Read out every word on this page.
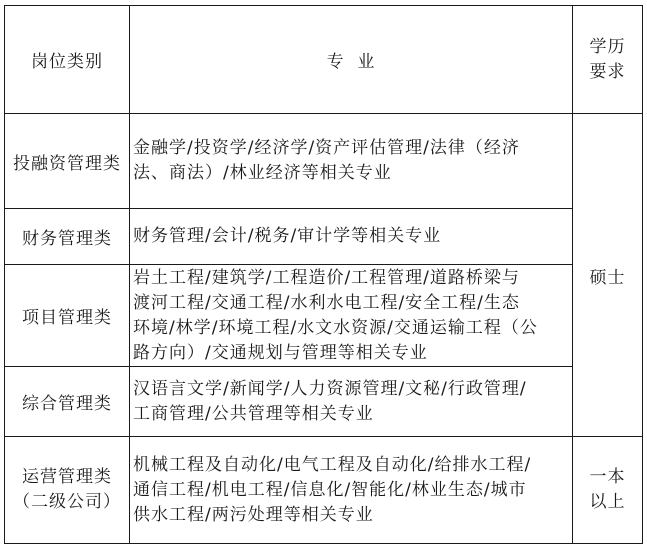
岗位类别	专  业
学历
要求
投融资管理类
金融学/投资学/经济学/资产评估管理/法律（经济
法、商法）/林业经济等相关专业
财务管理类 财务管理/会计/税务/审计学等相关专业
项目管理类
岩土工程/建筑学/工程造价/工程管理/道路桥梁与
渡河工程/交通工程/水利水电工程/安全工程/生态
环境/林学/环境工程/水文水资源/交通运输工程（公
路方向）/交通规划与管理等相关专业
综合管理类
汉语言文学/新闻学/人力资源管理/文秘/行政管理/
工商管理/公共管理等相关专业
硕士
运营管理类
（二级公司）
机械工程及自动化/电气工程及自动化/给排水工程/
通信工程/机电工程/信息化/智能化/林业生态/城市
供水工程/两污处理等相关专业
一本
以上
